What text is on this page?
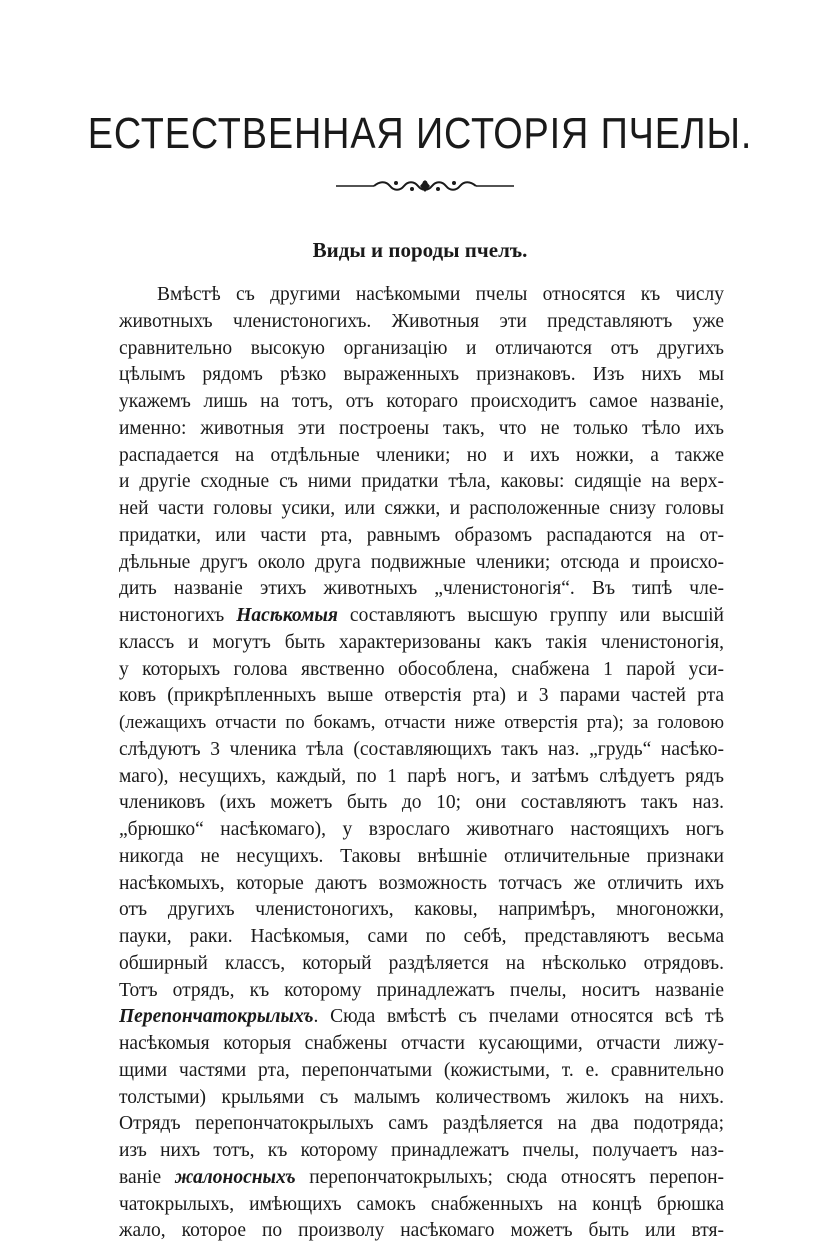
ЕСТЕСТВЕННАЯ ИСТОРІЯ ПЧЕЛЫ.
Виды и породы пчелъ.
Вмѣстѣ съ другими насѣкомыми пчелы относятся къ числу
животныхъ членистоногихъ. Животныя эти представляютъ уже
сравнительно высокую организацію и отличаются отъ другихъ
цѣлымъ рядомъ рѣзко выраженныхъ признаковъ. Изъ нихъ мы
укажемъ лишь на тотъ, отъ котораго происходитъ самое названіе,
именно: животныя эти построены такъ, что не только тѣло ихъ
распадается на отдѣльные членики; но и ихъ ножки, а также
и другіе сходные съ ними придатки тѣла, каковы: сидящіе на верх-
ней части головы усики, или сяжки, и расположенные снизу головы
придатки, или части рта, равнымъ образомъ распадаются на от-
дѣльные другъ около друга подвижные членики; отсюда и происхо-
дить названіе этихъ животныхъ „членистоногія“. Въ типѣ чле-
нистоногихъ Насѣкомыя составляютъ высшую группу или высшій
классъ и могутъ быть характеризованы какъ такія членистоногія,
у которыхъ голова явственно обособлена, снабжена 1 парой уси-
ковъ (прикрѣпленныхъ выше отверстія рта) и 3 парами частей рта
(лежащихъ отчасти по бокамъ, отчасти ниже отверстія рта); за головою
слѣдуютъ 3 членика тѣла (составляющихъ такъ наз. „грудь“ насѣко-
маго), несущихъ, каждый, по 1 парѣ ногъ, и затѣмъ слѣдуетъ рядъ
члениковъ (ихъ можетъ быть до 10; они составляютъ такъ наз.
„брюшко“ насѣкомаго), у взрослаго животнаго настоящихъ ногъ
никогда не несущихъ. Таковы внѣшніе отличительные признаки
насѣкомыхъ, которые даютъ возможность тотчасъ же отличить ихъ
отъ другихъ членистоногихъ, каковы, напримѣръ, многоножки,
пауки, раки. Насѣкомыя, сами по себѣ, представляютъ весьма
обширный классъ, который раздѣляется на нѣсколько отрядовъ.
Тотъ отрядъ, къ которому принадлежатъ пчелы, носитъ названіе
Перепончатокрылыхъ. Сюда вмѣстѣ съ пчелами относятся всѣ тѣ
насѣкомыя которыя снабжены отчасти кусающими, отчасти лижу-
щими частями рта, перепончатыми (кожистыми, т. е. сравнительно
толстыми) крыльями съ малымъ количествомъ жилокъ на нихъ.
Отрядъ перепончатокрылыхъ самъ раздѣляется на два подотряда;
изъ нихъ тотъ, къ которому принадлежатъ пчелы, получаетъ наз-
ваніе жалоносныхъ перепончатокрылыхъ; сюда относятъ перепон-
чатокрылыхъ, имѣющихъ самокъ снабженныхъ на концѣ брюшка
жало, которое по произволу насѣкомаго можетъ быть или втя-
